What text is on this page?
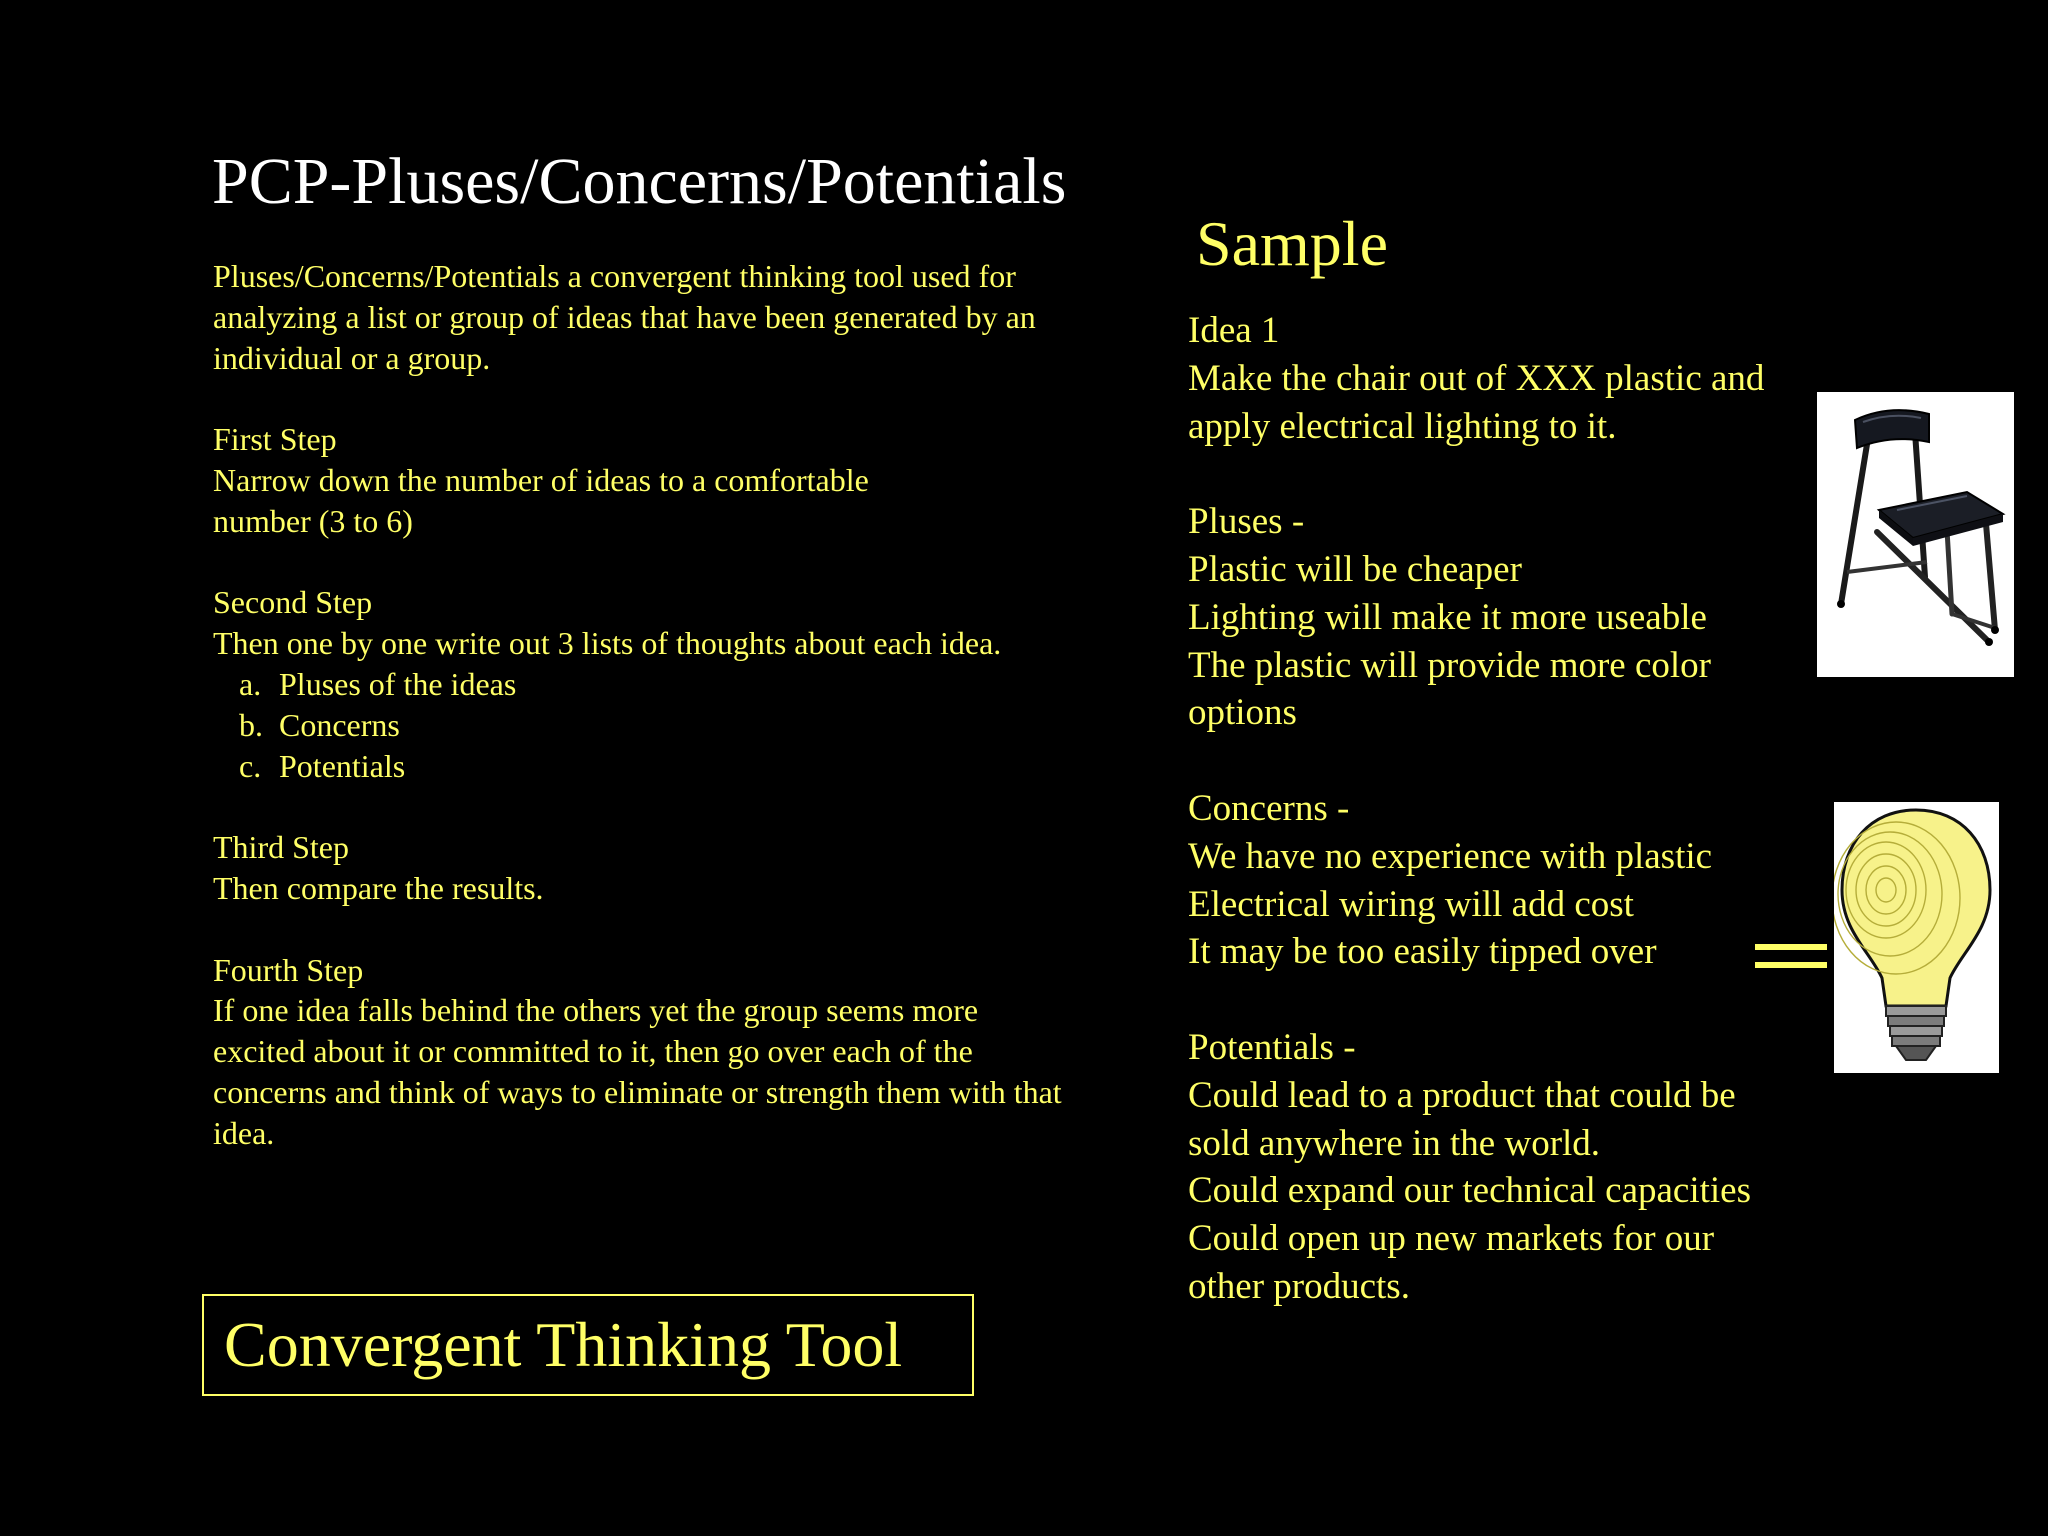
PCP-Pluses/Concerns/Potentials
Pluses/Concerns/Potentials a convergent thinking tool used for
analyzing a list or group of ideas that have been generated by an
individual or a group.
First Step
Narrow down the number of ideas to a comfortable
number (3 to 6)
Second Step
Then one by one write out 3 lists of thoughts about each idea.
a. Pluses of the ideas
b. Concerns
c. Potentials
Third Step
Then compare the results.
Fourth Step
If one idea falls behind the others yet the group seems more
excited about it or committed to it, then go over each of the
concerns and think of ways to eliminate or strength them with that
idea.
Convergent Thinking Tool
Sample
Idea 1
Make the chair out of XXX plastic and
apply electrical lighting to it.
Pluses -
Plastic will be cheaper
Lighting will make it more useable
The plastic will provide more color
options
Concerns -
We have no experience with plastic
Electrical wiring will add cost
It may be too easily tipped over
Potentials -
Could lead to a product that could be
sold anywhere in the world.
Could expand our technical capacities
Could open up new markets for our
other products.
